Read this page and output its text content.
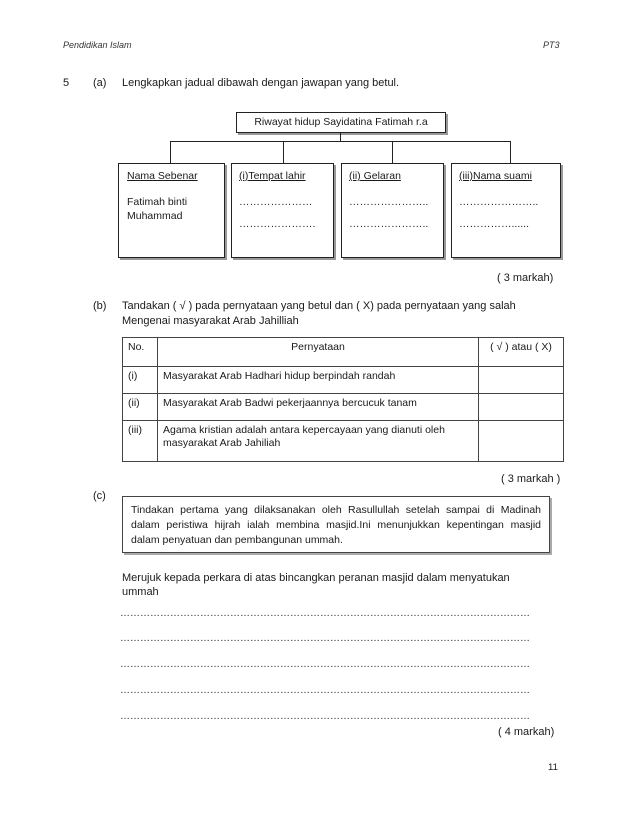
Pendidikan Islam	PT3
5 (a) Lengkapkan jadual dibawah dengan jawapan yang betul.
Riwayat hidup Sayidatina Fatimah r.a
Nama Sebenar
Fatimah binti
Muhammad
(i)Tempat lahir
…………………
………………….
(ii) Gelaran
…………………..
…………………..
(iii)Nama suami
…………………..
……………......
( 3 markah)
(b) Tandakan ( √ ) pada pernyataan yang betul dan ( X) pada pernyataan yang salah
Mengenai masyarakat Arab Jahilliah
No.	Pernyataan	( √ ) atau ( X)
(i)	Masyarakat Arab Hadhari hidup berpindah randah	
(ii)	Masyarakat Arab Badwi pekerjaannya bercucuk tanam	
(iii)	Agama kristian adalah antara kepercayaan yang dianuti oleh masyarakat Arab Jahiliah	
( 3 markah )
(c)
Tindakan pertama yang dilaksanakan oleh Rasullullah setelah sampai di Madinah dalam peristiwa hijrah ialah membina masjid.Ini menunjukkan kepentingan masjid dalam penyatuan dan pembangunan ummah.
Merujuk kepada perkara di atas bincangkan peranan masjid dalam menyatukan
ummah
……………………………………………………………………………………………………………
……………………………………………………………………………………………………………
……………………………………………………………………………………………………………
……………………………………………………………………………………………………………
……………………………………………………………………………………………………………
( 4 markah)
11
